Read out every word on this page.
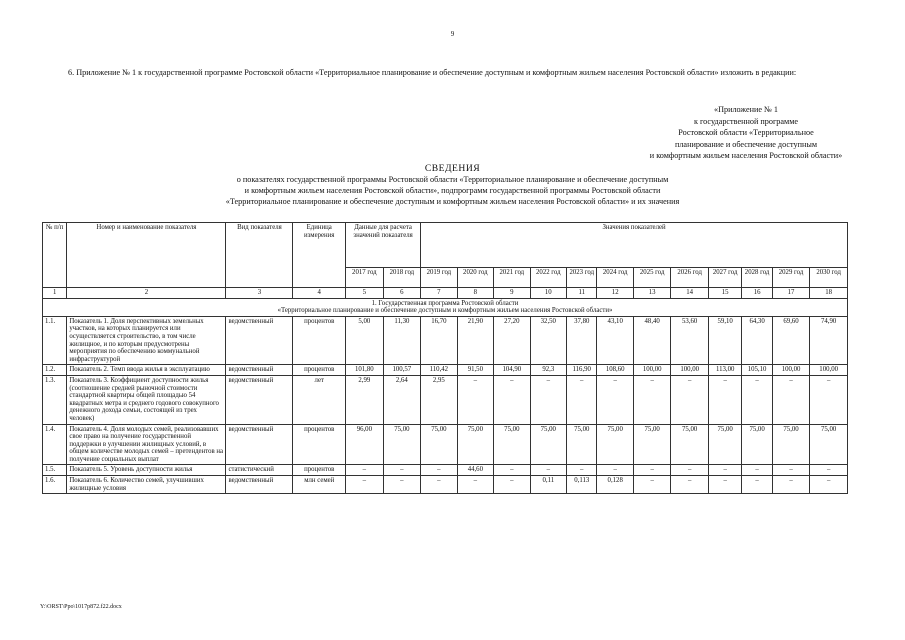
9
6. Приложение № 1 к государственной программе Ростовской области «Территориальное планирование и обеспечение доступным и комфортным жильем населения Ростовской области» изложить в редакции:
«Приложение № 1
к государственной программе
Ростовской области «Территориальное
планирование и обеспечение доступным
и комфортным жильем населения Ростовской области»
СВЕДЕНИЯ
о показателях государственной программы Ростовской области «Территориальное планирование и обеспечение доступным
и комфортным жильем населения Ростовской области», подпрограмм государственной программы Ростовской области
«Территориальное планирование и обеспечение доступным и комфортным жильем населения Ростовской области» и их значения
№ п/п	Номер и наименование показателя	Вид показателя	Единица измерения	Данные для расчета значений показателя		Значения показателей											
				2017 год	2018 год	2019 год	2020 год	2021 год	2022 год	2023 год	2024 год	2025 год	2026 год	2027 год	2028 год	2029 год	2030 год
1	2	3	4	5	6	7	8	9	10	11	12	13	14	15	16	17	18

1. Государственная программа Ростовской области
«Территориальное планирование и обеспечение доступным и комфортным жильем населения Ростовской области»																	

1.1.	Показатель 1. Доля перспективных земельных участков, на которых планируется или осуществляется строительство, в том числе жилищное, и по которым предусмотрены мероприятия по обеспечению коммунальной инфраструктурой	ведомственный	процентов	5,00	11,30	16,70	21,90	27,20	32,50	37,80	43,10	48,40	53,60	59,10	64,30	69,60	74,90
1.2.	Показатель 2. Темп ввода жилья в эксплуатацию	ведомственный	процентов	101,80	100,57	110,42	91,50	104,90	92,3	116,90	108,60	100,00	100,00	113,00	105,10	100,00	100,00
1.3.	Показатель 3. Коэффициент доступности жилья (соотношение средней рыночной стоимости стандартной квартиры общей площадью 54 квадратных метра и среднего годового совокупного денежного дохода семьи, состоящей из трех человек)	ведомственный	лет	2,99	2,64	2,95	–	–	–	–	–	–	–	–	–	–	–
1.4.	Показатель 4. Доля молодых семей, реализовавших свое право на получение государственной поддержки в улучшении жилищных условий, в общем количестве молодых семей – претендентов на получение социальных выплат	ведомственный	процентов	96,00	75,00	75,00	75,00	75,00	75,00	75,00	75,00	75,00	75,00	75,00	75,00	75,00	75,00
1.5.	Показатель 5. Уровень доступности жилья	статистический	процентов	–	–	–	44,60	–	–	–	–	–	–	–	–	–	–
1.6.	Показатель 6. Количество семей, улучшивших жилищные условия	ведомственный	млн семей	–	–	–	–	–	0,11	0,113	0,128	–	–	–	–	–	–
Y:\ORST\Ppo\1017p872.f22.docx
